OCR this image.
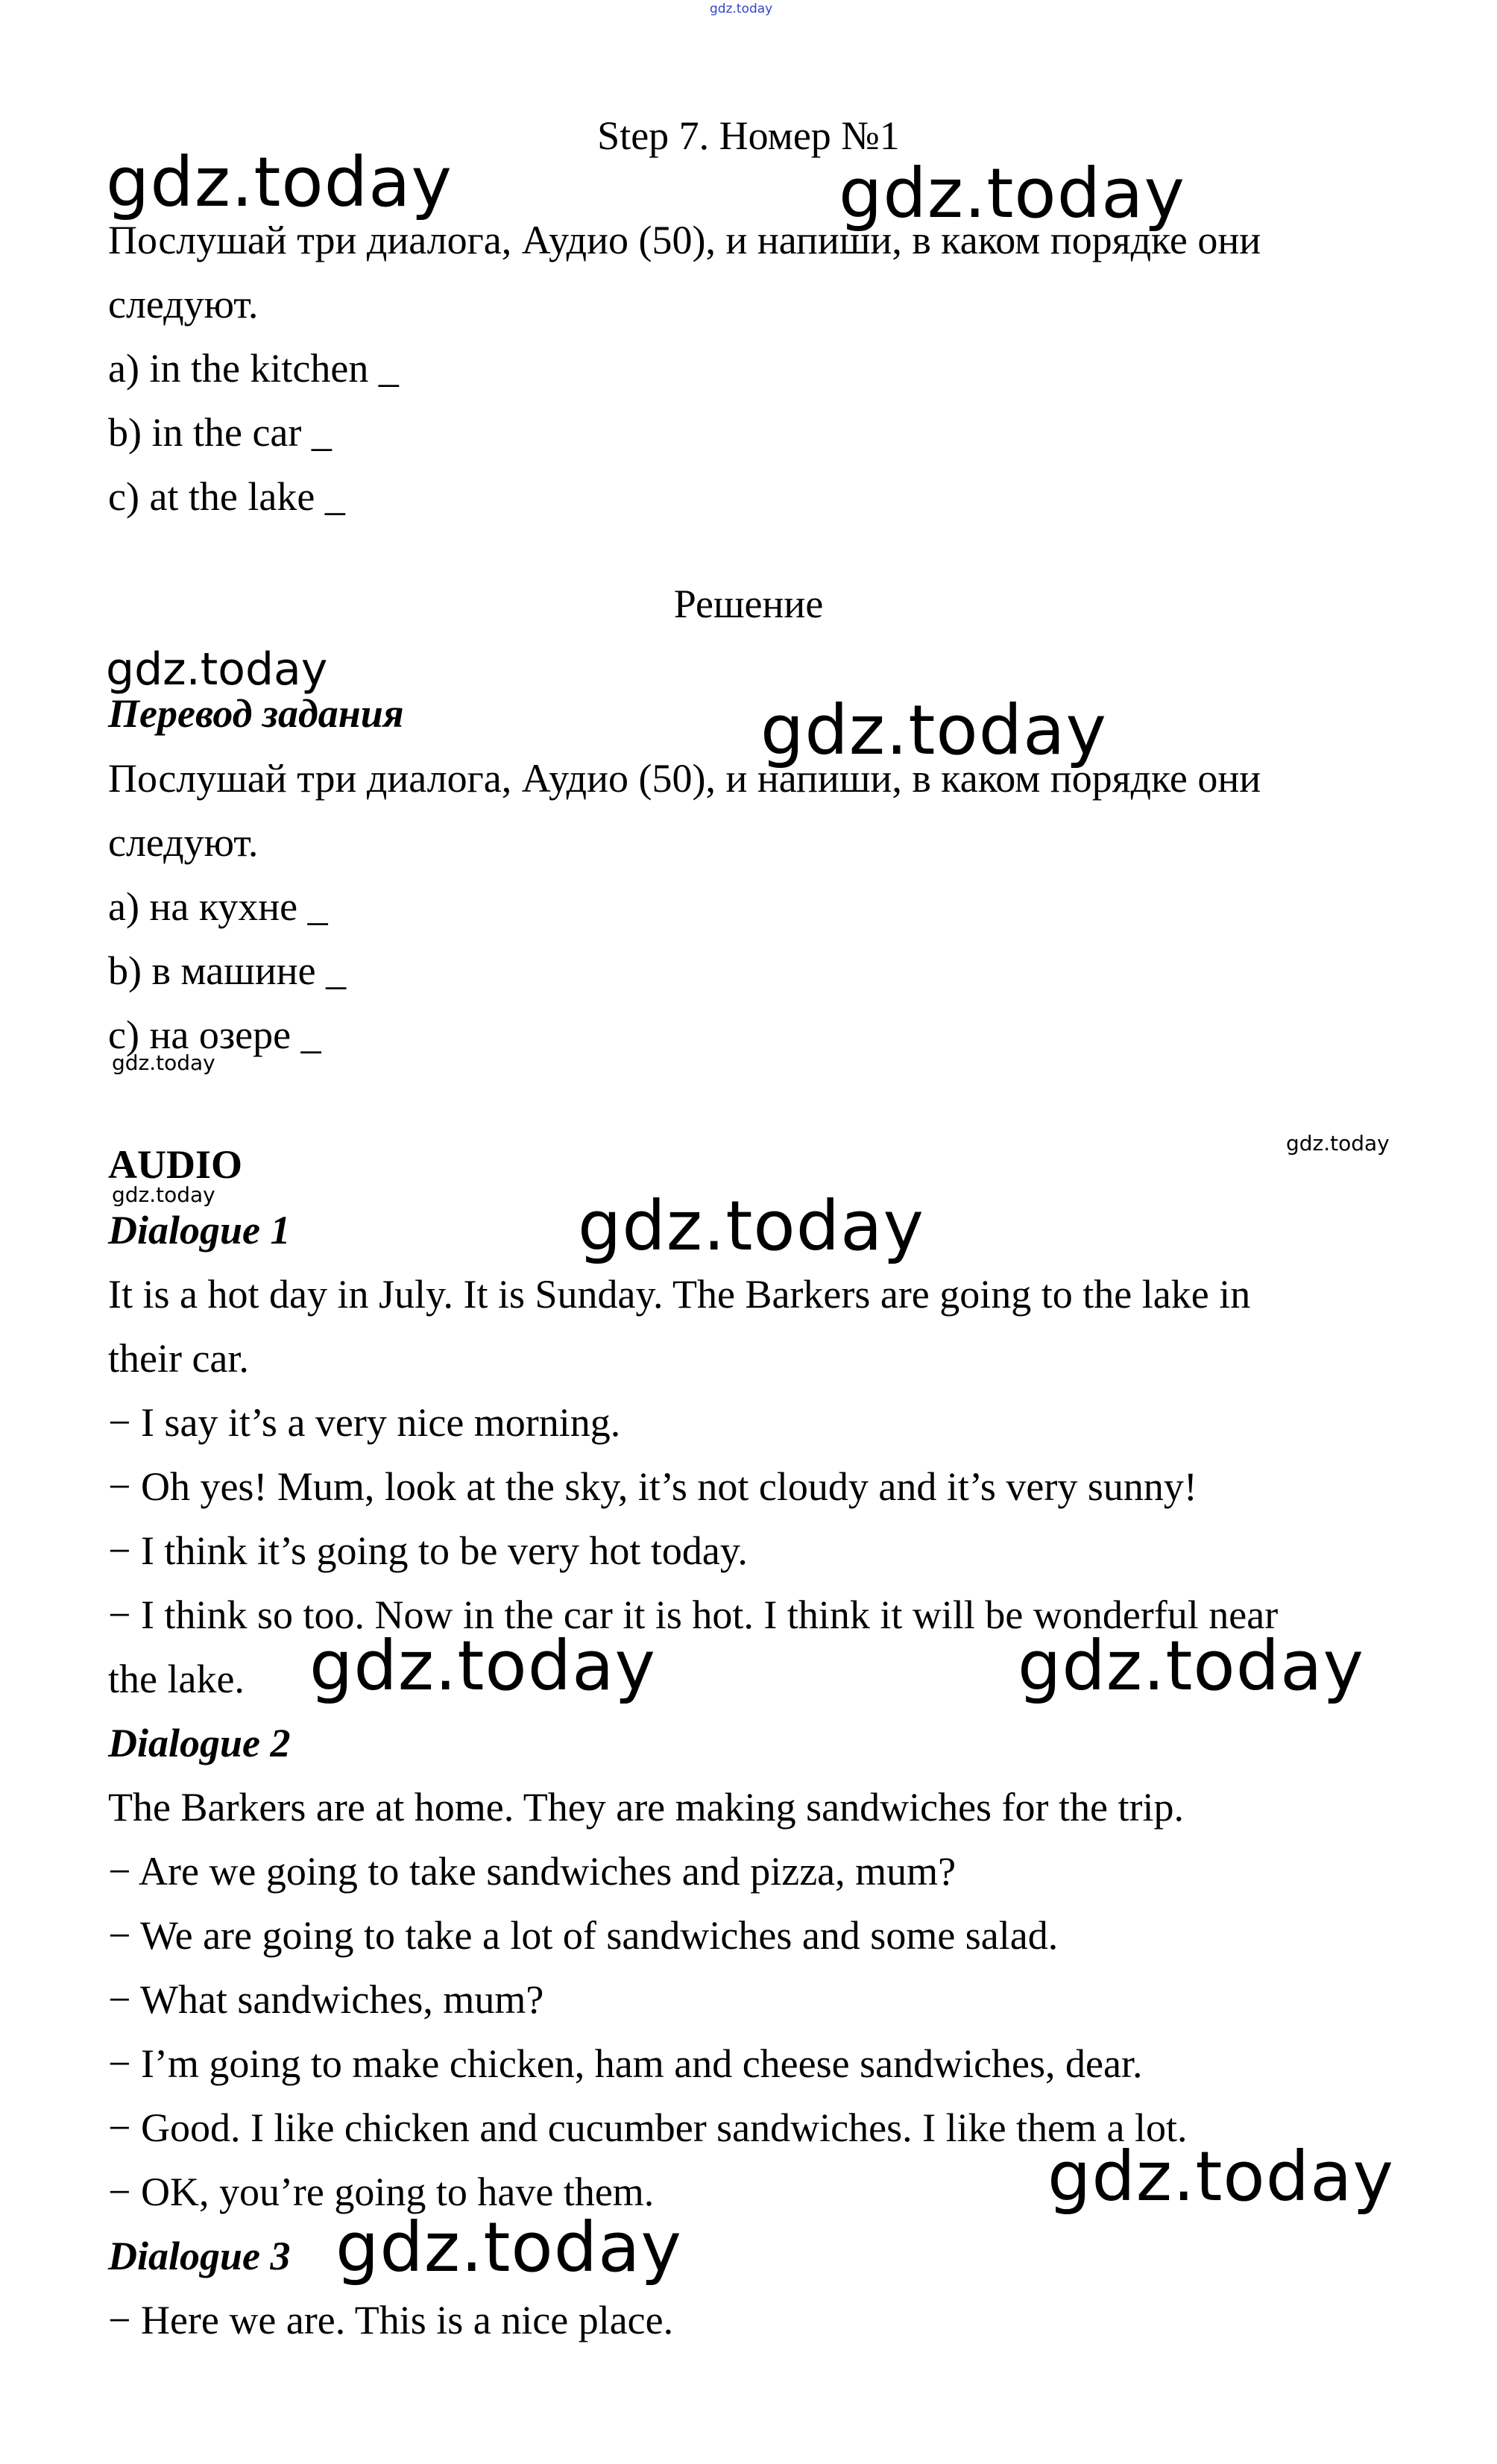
gdz.today

Step 7. Номер №1

Послушай три диалога, Аудио (50), и напиши, в каком порядке они

следуют.

a) in the kitchen _

b) in the car _

c) at the lake _

Решение

Перевод задания

Послушай три диалога, Аудио (50), и напиши, в каком порядке они

следуют.

a) на кухне _

b) в машине _

c) на озере _

AUDIO

Dialogue 1

It is a hot day in July. It is Sunday. The Barkers are going to the lake in

their car.

− I say it’s a very nice morning.

− Oh yes! Mum, look at the sky, it’s not cloudy and it’s very sunny!

− I think it’s going to be very hot today.

− I think so too. Now in the car it is hot. I think it will be wonderful near

the lake.

Dialogue 2

The Barkers are at home. They are making sandwiches for the trip.

− Are we going to take sandwiches and pizza, mum?

− We are going to take a lot of sandwiches and some salad.

− What sandwiches, mum?

− I’m going to make chicken, ham and cheese sandwiches, dear.

− Good. I like chicken and cucumber sandwiches. I like them a lot.

− OK, you’re going to have them.

Dialogue 3

− Here we are. This is a nice place.

gdz.today	gdz.today
gdz.today
gdz.today
gdz.today
gdz.today
gdz.today	gdz.today
gdz.today	gdz.today
gdz.today
gdz.today
